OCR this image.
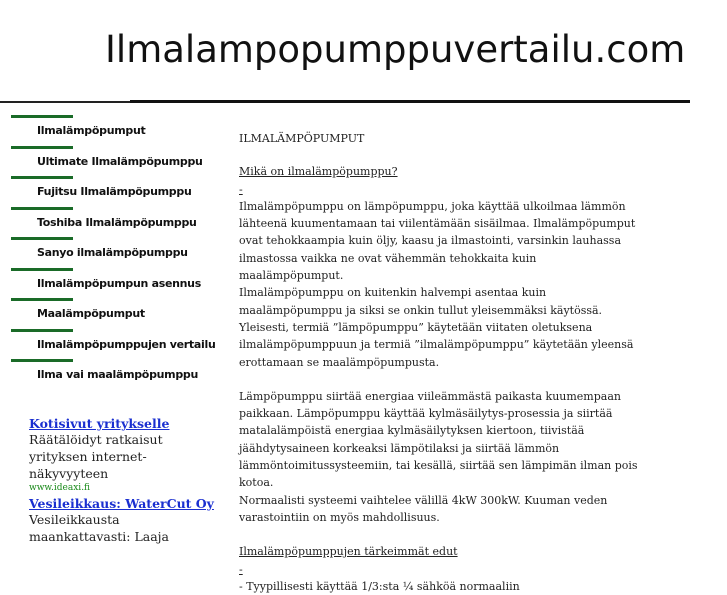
Ilmalampopumppuvertailu.com
Ilmalämpöpumput
Ultimate Ilmalämpöpumppu
Fujitsu Ilmalämpöpumppu
Toshiba Ilmalämpöpumppu
Sanyo ilmalämpöpumppu
Ilmalämpöpumpun asennus
Maalämpöpumput
Ilmalämpöpumppujen vertailu
Ilma vai maalämpöpumppu
Kotisivut yritykselle
Räätälöidyt ratkaisut yrityksen internet-näkyvyyteen
www.ideaxi.fi
Vesileikkaus: WaterCut Oy
Vesileikkausta maankattavasti: Laaja

ILMALÄMPÖPUMPUT

Mikä on ilmalämpöpumppu?

-

Ilmalämpöpumppu on lämpöpumppu, joka käyttää ulkoilmaa lämmön lähteenä kuumentamaan tai viilentämään sisäilmaa. Ilmalämpöpumput ovat tehokkaampia kuin öljy, kaasu ja ilmastointi, varsinkin lauhassa ilmastossa vaikka ne ovat vähemmän tehokkaita kuin maalämpöpumput.

Ilmalämpöpumppu on kuitenkin halvempi asentaa kuin maalämpöpumppu ja siksi se onkin tullut yleisemmäksi käytössä. Yleisesti, termiä ”lämpöpumppu” käytetään viitaten oletuksena ilmalämpöpumppuun ja termiä ”ilmalämpöpumppu” käytetään yleensä erottamaan se maalämpöpumpusta.

Lämpöpumppu siirtää energiaa viileämmästä paikasta kuumempaan paikkaan. Lämpöpumppu käyttää kylmäsäilytys-prosessia ja siirtää matalalämpöistä energiaa kylmäsäilytyksen kiertoon, tiivistää jäähdytysaineen korkeaksi lämpötilaksi ja siirtää lämmön lämmöntoimitussysteemiin, tai kesällä, siirtää sen lämpimän ilman pois kotoa.

Normaalisti systeemi vaihtelee välillä 4kW 300kW. Kuuman veden varastointiin on myös mahdollisuus.

Ilmalämpöpumppujen tärkeimmät edut

-

- Tyypillisesti käyttää 1/3:sta ¼ sähköä normaaliin
